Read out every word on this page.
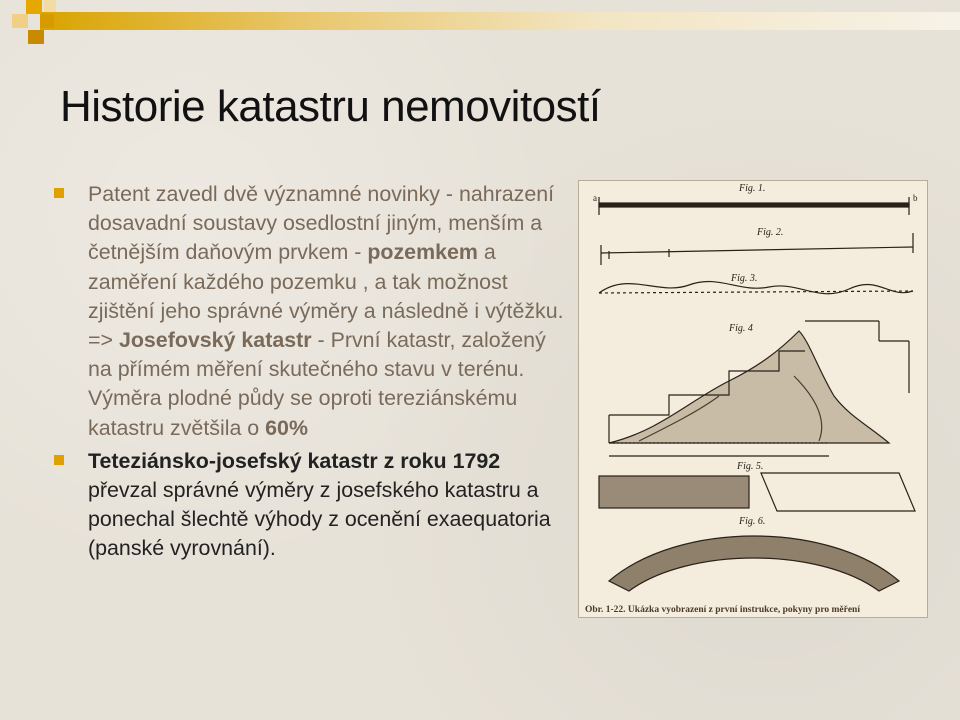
Historie katastru nemovitostí

Patent zavedl dvě významné novinky - nahrazení dosavadní soustavy osedlostní jiným, menším a četnějším daňovým prvkem - pozemkem a zaměření každého pozemku , a tak možnost zjištění jeho správné výměry a následně i výtěžku. => Josefovský katastr - První katastr, založený na přímém měření skutečného stavu v terénu. Výměra plodné půdy se oproti tereziánskému katastru zvětšila o 60%

Teteziánsko-josefský katastr z roku 1792 převzal správné výměry z josefského katastru a ponechal šlechtě výhody z ocenění exaequatoria (panské vyrovnání).

Fig. 1.
a	b
Fig. 2.
Fig. 3.
Fig. 4
Fig. 5.
Fig. 6.
Obr. 1-22. Ukázka vyobrazení z první instrukce, pokyny pro měření
